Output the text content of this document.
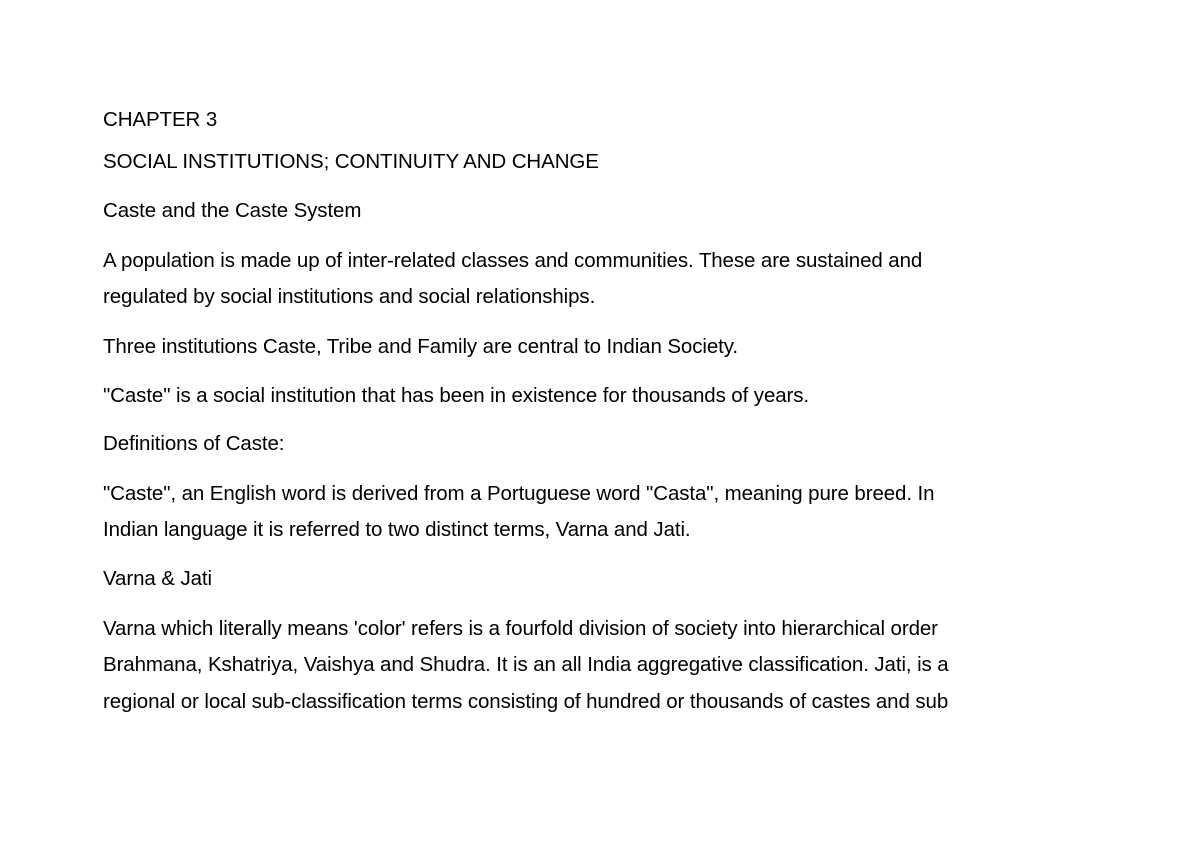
CHAPTER 3
SOCIAL INSTITUTIONS; CONTINUITY AND CHANGE
Caste and the Caste System
A population is made up of inter-related classes and communities. These are sustained and
regulated by social institutions and social relationships.
Three institutions Caste, Tribe and Family are central to Indian Society.
"Caste" is a social institution that has been in existence for thousands of years.
Definitions of Caste:
"Caste", an English word is derived from a Portuguese word "Casta", meaning pure breed. In
Indian language it is referred to two distinct terms, Varna and Jati.
Varna & Jati
Varna which literally means 'color' refers is a fourfold division of society into hierarchical order
Brahmana, Kshatriya, Vaishya and Shudra. It is an all India aggregative classification. Jati, is a
regional or local sub-classification terms consisting of hundred or thousands of castes and sub
